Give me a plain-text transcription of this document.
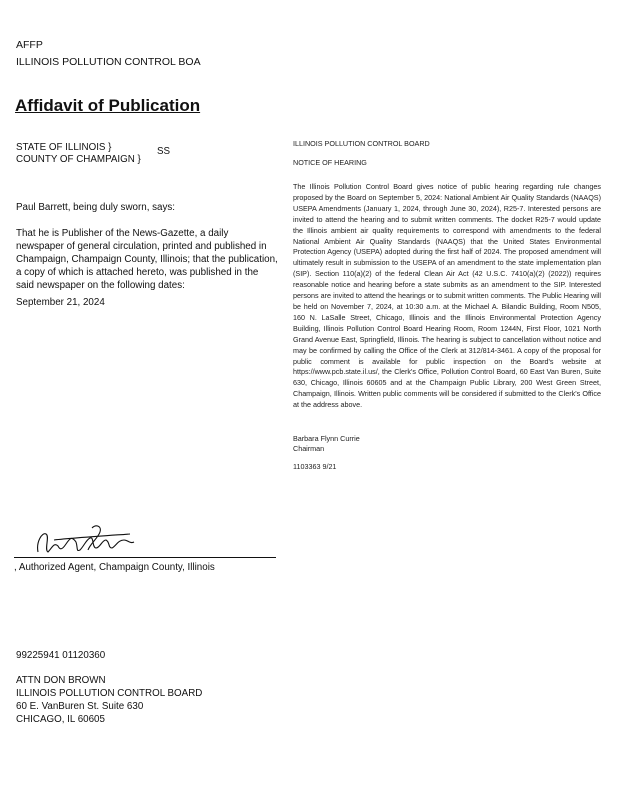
AFFP
ILLINOIS POLLUTION CONTROL BOA
Affidavit of Publication
STATE OF ILLINOIS }
COUNTY OF CHAMPAIGN }
SS
Paul Barrett, being duly sworn, says:
That he is Publisher of the News-Gazette, a daily newspaper of general circulation, printed and published in Champaign, Champaign County, Illinois; that the publication, a copy of which is attached hereto, was published in the said newspaper on the following dates:
September 21, 2024
ILLINOIS POLLUTION CONTROL BOARD
NOTICE OF HEARING
The Illinois Pollution Control Board gives notice of public hearing regarding rule changes proposed by the Board on September 5, 2024: National Ambient Air Quality Standards (NAAQS) USEPA Amendments (January 1, 2024, through June 30, 2024), R25-7. Interested persons are invited to attend the hearing and to submit written comments. The docket R25-7 would update the Illinois ambient air quality requirements to correspond with amendments to the federal National Ambient Air Quality Standards (NAAQS) that the United States Environmental Protection Agency (USEPA) adopted during the first half of 2024. The proposed amendment will ultimately result in submission to the USEPA of an amendment to the state implementation plan (SIP). Section 110(a)(2) of the federal Clean Air Act (42 U.S.C. 7410(a)(2) (2022)) requires reasonable notice and hearing before a state submits as an amendment to the SIP. Interested persons are invited to attend the hearings or to submit written comments. The Public Hearing will be held on November 7, 2024, at 10:30 a.m. at the Michael A. Bilandic Building, Room N505, 160 N. LaSalle Street, Chicago, Illinois and the Illinois Environmental Protection Agency Building, Illinois Pollution Control Board Hearing Room, Room 1244N, First Floor, 1021 North Grand Avenue East, Springfield, Illinois. The hearing is subject to cancellation without notice and may be confirmed by calling the Office of the Clerk at 312/814-3461. A copy of the proposal for public comment is available for public inspection on the Board's website at https://www.pcb.state.il.us/, the Clerk's Office, Pollution Control Board, 60 East Van Buren, Suite 630, Chicago, Illinois 60605 and at the Champaign Public Library, 200 West Green Street, Champaign, Illinois. Written public comments will be considered if submitted to the Clerk's Office at the address above.
Barbara Flynn Currie
Chairman
1103363 9/21
, Authorized Agent, Champaign County, Illinois
99225941 01120360
ATTN DON BROWN
ILLINOIS POLLUTION CONTROL BOARD
60 E. VanBuren St. Suite 630
CHICAGO, IL 60605
